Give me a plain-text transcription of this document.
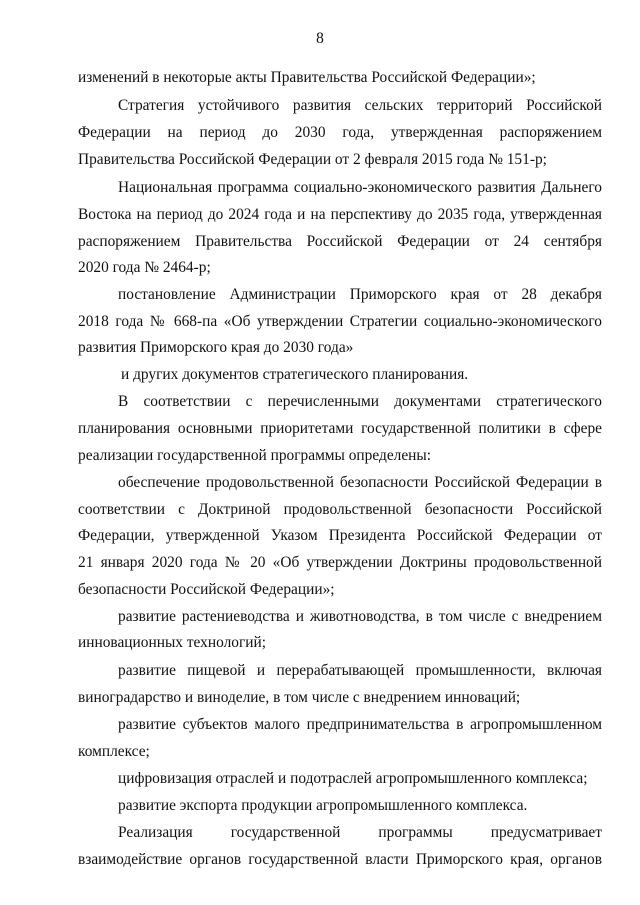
8
изменений в некоторые акты Правительства Российской Федерации»;
Стратегия устойчивого развития сельских территорий Российской
Федерации на период до 2030 года, утвержденная распоряжением
Правительства Российской Федерации от 2 февраля 2015 года № 151-р;
Национальная программа социально-экономического развития Дальнего
Востока на период до 2024 года и на перспективу до 2035 года, утвержденная
распоряжением Правительства Российской Федерации от 24 сентября
2020 года № 2464-р;
постановление Администрации Приморского края от 28 декабря
2018 года № 668-па «Об утверждении Стратегии социально-экономического
развития Приморского края до 2030 года»
и других документов стратегического планирования.
В соответствии с перечисленными документами стратегического
планирования основными приоритетами государственной политики в сфере
реализации государственной программы определены:
обеспечение продовольственной безопасности Российской Федерации в
соответствии с Доктриной продовольственной безопасности Российской
Федерации, утвержденной Указом Президента Российской Федерации от
21 января 2020 года № 20 «Об утверждении Доктрины продовольственной
безопасности Российской Федерации»;
развитие растениеводства и животноводства, в том числе с внедрением
инновационных технологий;
развитие пищевой и перерабатывающей промышленности, включая
виноградарство и виноделие, в том числе с внедрением инноваций;
развитие субъектов малого предпринимательства в агропромышленном
комплексе;
цифровизация отраслей и подотраслей агропромышленного комплекса;
развитие экспорта продукции агропромышленного комплекса.
Реализация государственной программы предусматривает
взаимодействие органов государственной власти Приморского края, органов
